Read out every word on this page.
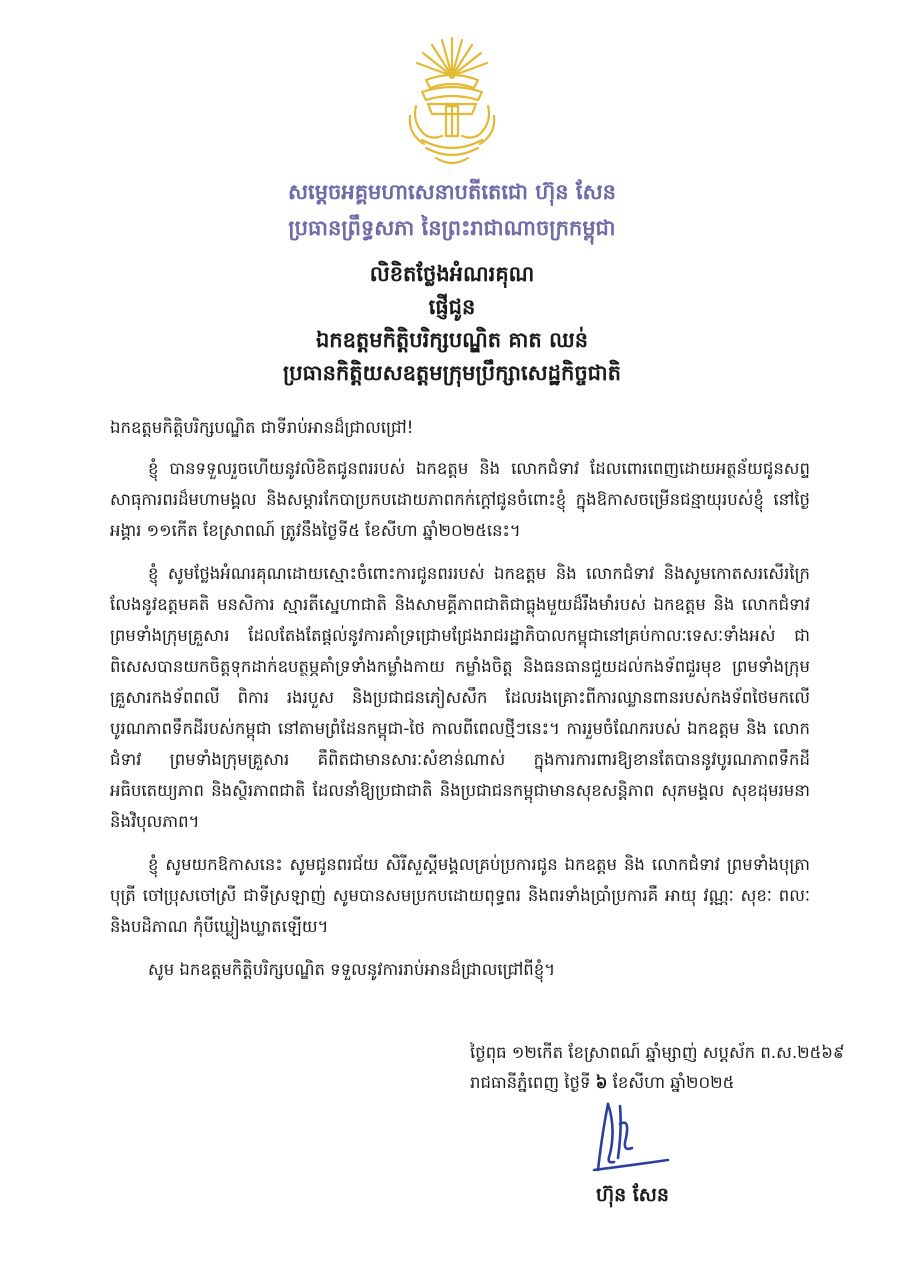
សម្ដេចអគ្គមហាសេនាបតីតេជោ ហ៊ុន សែន
ប្រធានព្រឹទ្ធសភា នៃព្រះរាជាណាចក្រកម្ពុជា
លិខិតថ្លែងអំណរគុណ
ផ្ញើជូន
ឯកឧត្តមកិត្តិបរិក្សបណ្ឌិត គាត ឈន់
ប្រធានកិត្តិយសឧត្តមក្រុមប្រឹក្សាសេដ្ឋកិច្ចជាតិ

ឯកឧត្តមកិត្តិបរិក្សបណ្ឌិត ជាទីរាប់អានដ៏ជ្រាលជ្រៅ!

ខ្ញុំ បានទទួលរួចហើយនូវលិខិតជូនពររបស់ ឯកឧត្តម និង លោកជំទាវ ដែលពោរពេញដោយអត្ថន័យជូនសព្ទសាធុការពរដ៏មហាមង្គល និងសម្ដារកែបាប្រកបដោយភាពកក់ក្ដៅជូនចំពោះខ្ញុំ ក្នុងឱកាសចម្រើនជន្មាយុរបស់ខ្ញុំ នៅថ្ងៃអង្គារ ១១កើត ខែស្រាពណ៍ ត្រូវនឹងថ្ងៃទី៥ ខែសីហា ឆ្នាំ២០២៥នេះ។

ខ្ញុំ សូមថ្លែងអំណរគុណដោយស្មោះចំពោះការជូនពររបស់ ឯកឧត្តម និង លោកជំទាវ និងសូមកោតសរសើរក្រៃលែងនូវឧត្តមគតិ មនសិការ ស្មារតីស្នេហាជាតិ និងសាមគ្គីភាពជាតិជាធ្លុងមួយដ៏រឹងមាំរបស់ ឯកឧត្តម និង លោកជំទាវ ព្រមទាំងក្រុមគ្រួសារ ដែលតែងតែផ្ដល់នូវការគាំទ្រជ្រោមជ្រែងរាជរដ្ឋាភិបាលកម្ពុជានៅគ្រប់កាលៈទេសៈទាំងអស់ ជាពិសេសបានយកចិត្តទុកដាក់ឧបត្ថម្ភគាំទ្រទាំងកម្លាំងកាយ កម្លាំងចិត្ត និងធនធានជួយដល់កងទ័ពជួរមុខ ព្រមទាំងក្រុមគ្រួសារកងទ័ពពលី ពិការ រងរបួស និងប្រជាជនភៀសសឹក ដែលរងគ្រោះពីការឈ្លានពានរបស់កងទ័ពថៃមកលើបូរណភាពទឹកដីរបស់កម្ពុជា នៅតាមព្រំដែនកម្ពុជា-ថៃ កាលពីពេលថ្មីៗនេះ។ ការរួមចំណែករបស់ ឯកឧត្តម និង លោកជំទាវ ព្រមទាំងក្រុមគ្រួសារ គឺពិតជាមានសារៈសំខាន់ណាស់ ក្នុងការការពារឱ្យខានតែបាននូវបូរណភាពទឹកដី អធិបតេយ្យភាព និងស្ថិរភាពជាតិ ដែលនាំឱ្យប្រជាជាតិ និងប្រជាជនកម្ពុជាមានសុខសន្តិភាព សុភមង្គល សុខដុមរមនា និងវិបុលភាព។

ខ្ញុំ សូមយកឱកាសនេះ សូមជូនពរជ័យ សិរីសួស្ដីមង្គលគ្រប់ប្រការជូន ឯកឧត្តម និង លោកជំទាវ ព្រមទាំងបុត្រាបុត្រី ចៅប្រុសចៅស្រី ជាទីស្រឡាញ់ សូមបានសមប្រកបដោយពុទ្ធពរ និងពរទាំងប្រាំប្រការគឺ អាយុ វណ្ណៈ សុខៈ ពលៈ និងបដិភាណ កុំបីឃ្លៀងឃ្លាតឡើយ។

សូម ឯកឧត្តមកិត្តិបរិក្សបណ្ឌិត ទទួលនូវការរាប់អានដ៏ជ្រាលជ្រៅពីខ្ញុំ។

ថ្ងៃពុធ ១២កើត ខែស្រាពណ៍ ឆ្នាំម្សាញ់ សប្ដស័ក ព.ស.២៥៦៩
រាជធានីភ្នំពេញ ថ្ងៃទី ៦ ខែសីហា ឆ្នាំ២០២៥
ហ៊ុន សែន
